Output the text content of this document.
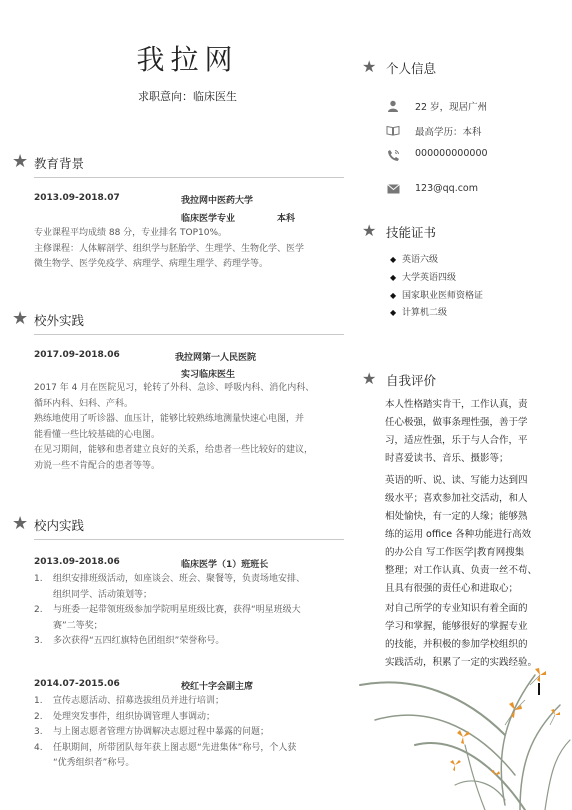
我拉网
求职意向：临床医生
★ 教育背景
2013.09-2018.07	我拉网中医药大学
临床医学专业	本科
专业课程平均成绩 88 分，专业排名 TOP10%。
主修课程：人体解剖学、组织学与胚胎学、生理学、生物化学、医学
微生物学、医学免疫学、病理学、病理生理学、药理学等。
★ 校外实践
2017.09-2018.06	我拉网第一人民医院
实习临床医生
2017 年 4 月在医院见习，轮转了外科、急诊、呼吸内科、消化内科、
循环内科、妇科、产科。
熟练地使用了听诊器、血压计，能够比较熟练地测量快速心电图，并
能看懂一些比较基础的心电图。
在见习期间，能够和患者建立良好的关系，给患者一些比较好的建议，
劝说一些不肯配合的患者等等。
★ 校内实践
2013.09-2018.06	临床医学（1）班班长
1. 组织安排班级活动，如座谈会、班会、聚餐等，负责场地安排、
组织同学、活动策划等；
2. 与班委一起带领班级参加学院明星班级比赛，获得“明星班级大
赛”二等奖；
3. 多次获得“五四红旗特色团组织”荣誉称号。
2014.07-2015.06	校红十字会副主席
1. 宣传志愿活动、招募选拔组员并进行培训；
2. 处理突发事件，组织协调管理人事调动；
3. 与上图志愿者管理方协调解决志愿过程中暴露的问题；
4. 任职期间，所带团队每年获上图志愿“先进集体”称号，个人获
“优秀组织者”称号。
★ 个人信息
22 岁，现居广州
最高学历：本科
000000000000
123@qq.com
★ 技能证书
◆ 英语六级
◆ 大学英语四级
◆ 国家职业医师资格证
◆ 计算机二级
★ 自我评价
本人性格踏实肯干，工作认真，责
任心极强，做事条理性强，善于学
习，适应性强，乐于与人合作，平
时喜爱读书、音乐、摄影等；
英语的听、说、读、写能力达到四
级水平；喜欢参加社交活动，和人
相处愉快，有一定的人缘；能够熟
练的运用 office 各种功能进行高效
的办公自 写工作医学|教育网搜集
整理；对工作认真、负责一丝不苟、
且具有很强的责任心和进取心；
对自己所学的专业知识有着全面的
学习和掌握，能够很好的掌握专业
的技能，并积极的参加学校组织的
实践活动，积累了一定的实践经验。
